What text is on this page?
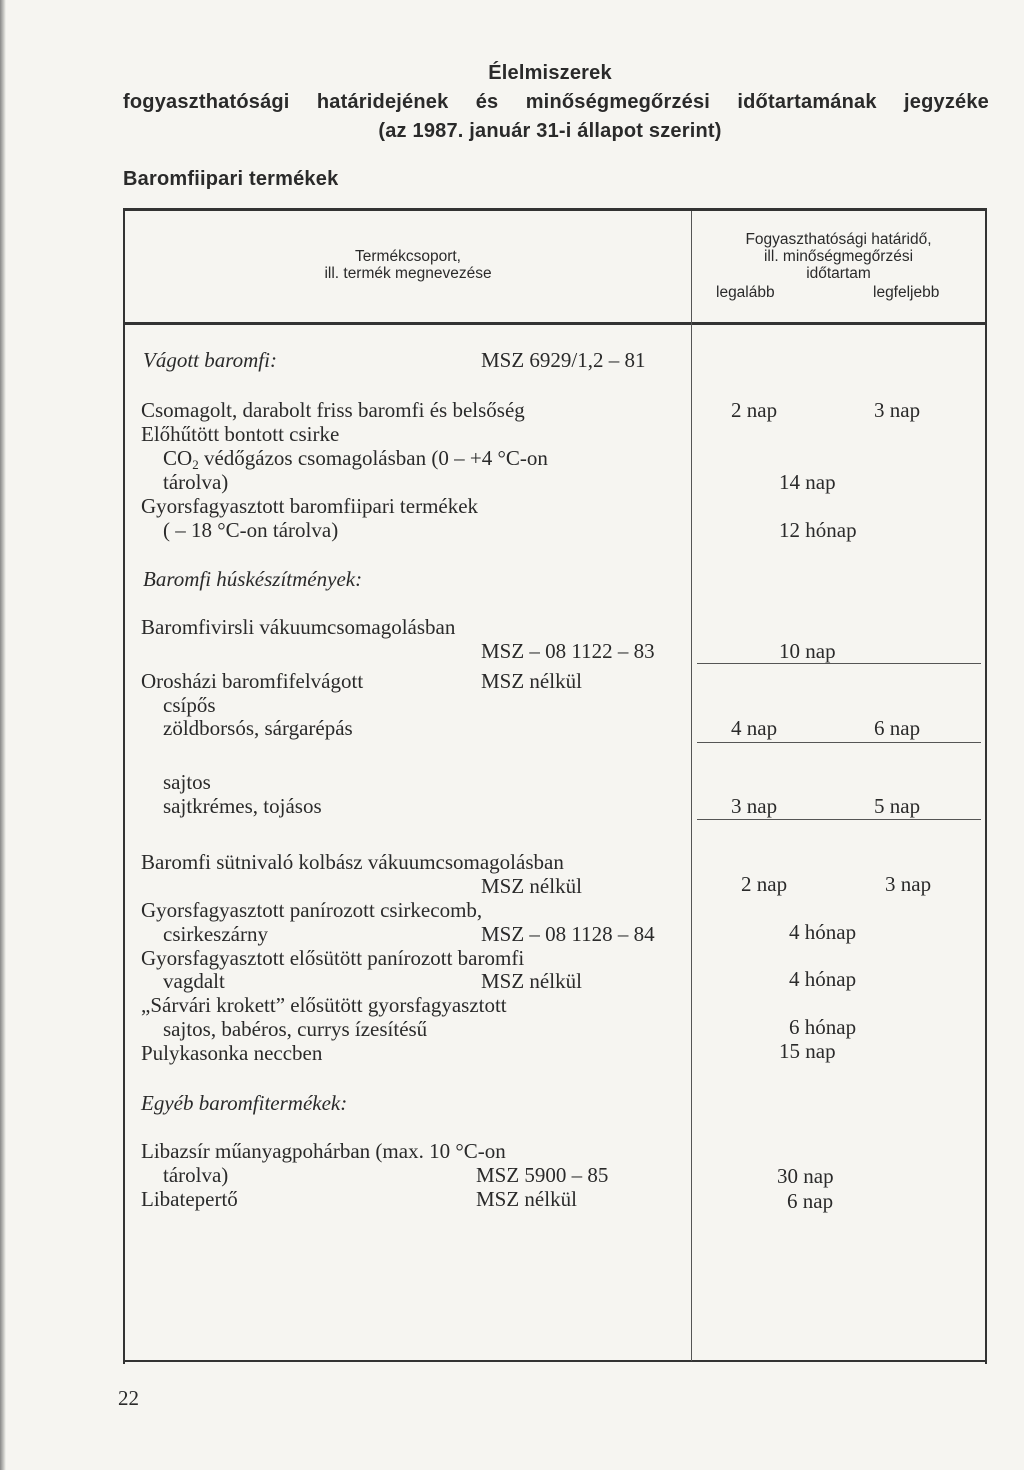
Élelmiszerek
fogyaszthatósági határidejének és minőségmegőrzési időtartamának jegyzéke
(az 1987. január 31-i állapot szerint)
Baromfiipari termékek
Termékcsoport,
ill. termék megnevezése
Fogyaszthatósági határidő,
ill. minőségmegőrzési
időtartam
legalább	legfeljebb
Vágott baromfi:	MSZ 6929/1,2 – 81
Csomagolt, darabolt friss baromfi és belsőség	2 nap	3 nap
Előhűtött bontott csirke
$CO_2$ védőgázos csomagolásban (0 – +4 °C-on
tárolva)	14 nap
Gyorsfagyasztott baromfiipari termékek
( – 18 °C-on tárolva)	12 hónap
Baromfi húskészítmények:
Baromfivirsli vákuumcsomagolásban
MSZ – 08 1122 – 83	10 nap
Orosházi baromfifelvágott	MSZ nélkül
csípős
zöldborsós, sárgarépás	4 nap	6 nap
sajtos
sajtkrémes, tojásos	3 nap	5 nap
Baromfi sütnivaló kolbász vákuumcsomagolásban
MSZ nélkül	2 nap	3 nap
Gyorsfagyasztott panírozott csirkecomb,
csirkeszárny	MSZ – 08 1128 – 84	4 hónap
Gyorsfagyasztott elősütött panírozott baromfi
vagdalt	MSZ nélkül	4 hónap
„Sárvári krokett” elősütött gyorsfagyasztott
sajtos, babéros, currys ízesítésű	6 hónap
Pulykasonka neccben	15 nap
Egyéb baromfitermékek:
Libazsír műanyagpohárban (max. 10 °C-on
tárolva)	MSZ 5900 – 85	30 nap
Libatepertő	MSZ nélkül	6 nap
22
